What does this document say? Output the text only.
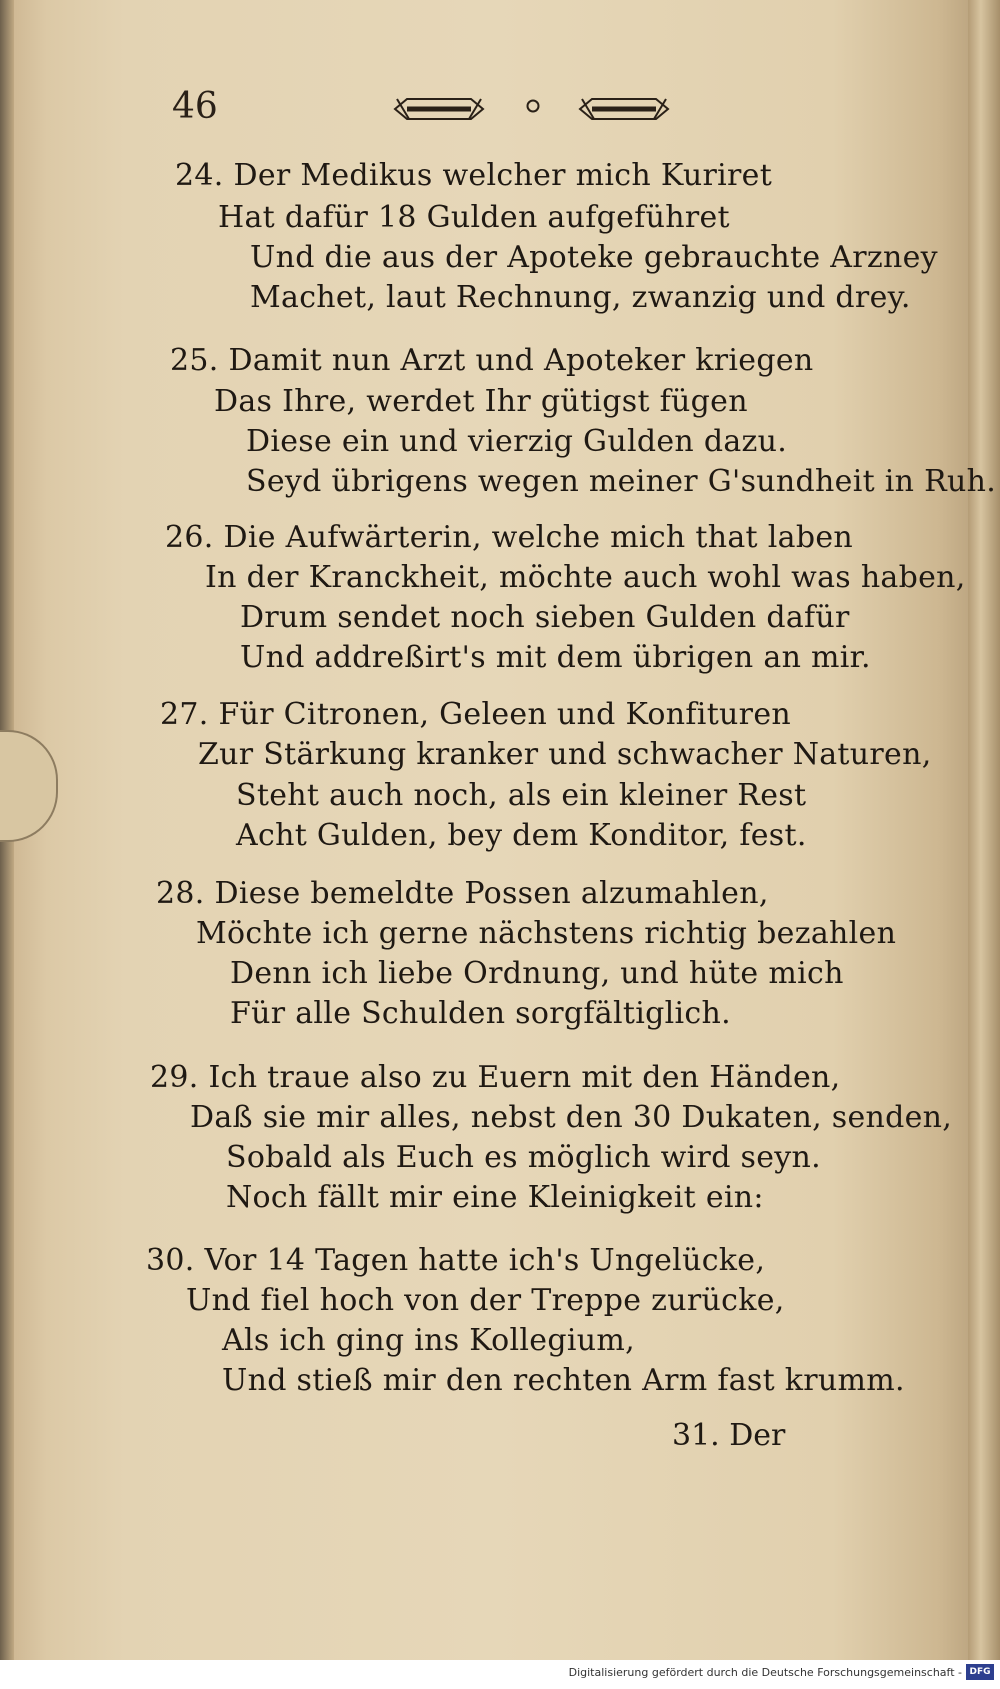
46
24. Der Medikus welcher mich Kuriret
Hat dafür 18 Gulden aufgeführet
Und die aus der Apoteke gebrauchte Arzney
Machet, laut Rechnung, zwanzig und drey.
25. Damit nun Arzt und Apoteker kriegen
Das Ihre, werdet Ihr gütigst fügen
Diese ein und vierzig Gulden dazu.
Seyd übrigens wegen meiner G'sundheit in Ruh.
26. Die Aufwärterin, welche mich that laben
In der Kranckheit, möchte auch wohl was haben,
Drum sendet noch sieben Gulden dafür
Und addreßirt's mit dem übrigen an mir.
27. Für Citronen, Geleen und Konfituren
Zur Stärkung kranker und schwacher Naturen,
Steht auch noch, als ein kleiner Rest
Acht Gulden, bey dem Konditor, fest.
28. Diese bemeldte Possen alzumahlen,
Möchte ich gerne nächstens richtig bezahlen
Denn ich liebe Ordnung, und hüte mich
Für alle Schulden sorgfältiglich.
29. Ich traue also zu Euern mit den Händen,
Daß sie mir alles, nebst den 30 Dukaten, senden,
Sobald als Euch es möglich wird seyn.
Noch fällt mir eine Kleinigkeit ein:
30. Vor 14 Tagen hatte ich's Ungelücke,
Und fiel hoch von der Treppe zurücke,
Als ich ging ins Kollegium,
Und stieß mir den rechten Arm fast krumm.
31. Der
Digitalisierung gefördert durch die Deutsche Forschungsgemeinschaft - DFG
